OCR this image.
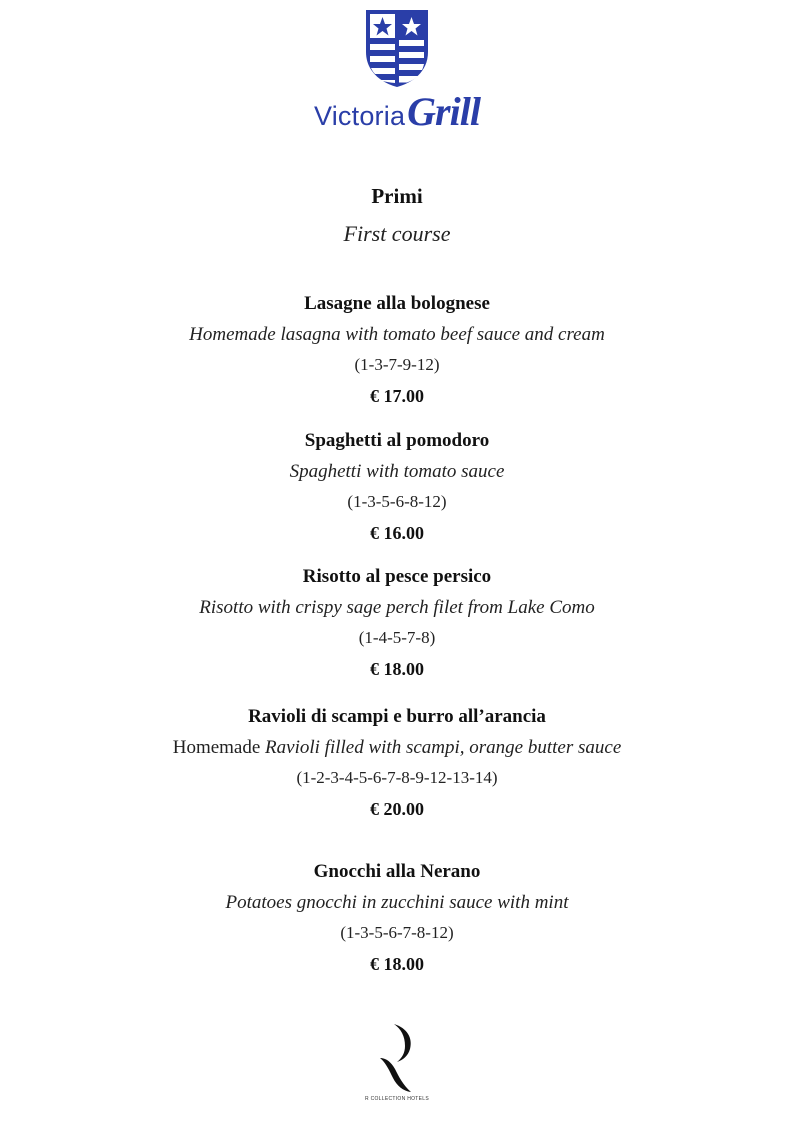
Victoria Grill
Primi
First course
Lasagne alla bolognese
Homemade lasagna with tomato beef sauce and cream
(1-3-7-9-12)
€ 17.00
Spaghetti al pomodoro
Spaghetti with tomato sauce
(1-3-5-6-8-12)
€ 16.00
Risotto al pesce persico
Risotto with crispy sage perch filet from Lake Como
(1-4-5-7-8)
€ 18.00
Ravioli di scampi e burro all’arancia
Homemade Ravioli filled with scampi, orange butter sauce
(1-2-3-4-5-6-7-8-9-12-13-14)
€ 20.00
Gnocchi alla Nerano
Potatoes gnocchi in zucchini sauce with mint
(1-3-5-6-7-8-12)
€ 18.00
R COLLECTION HOTELS
